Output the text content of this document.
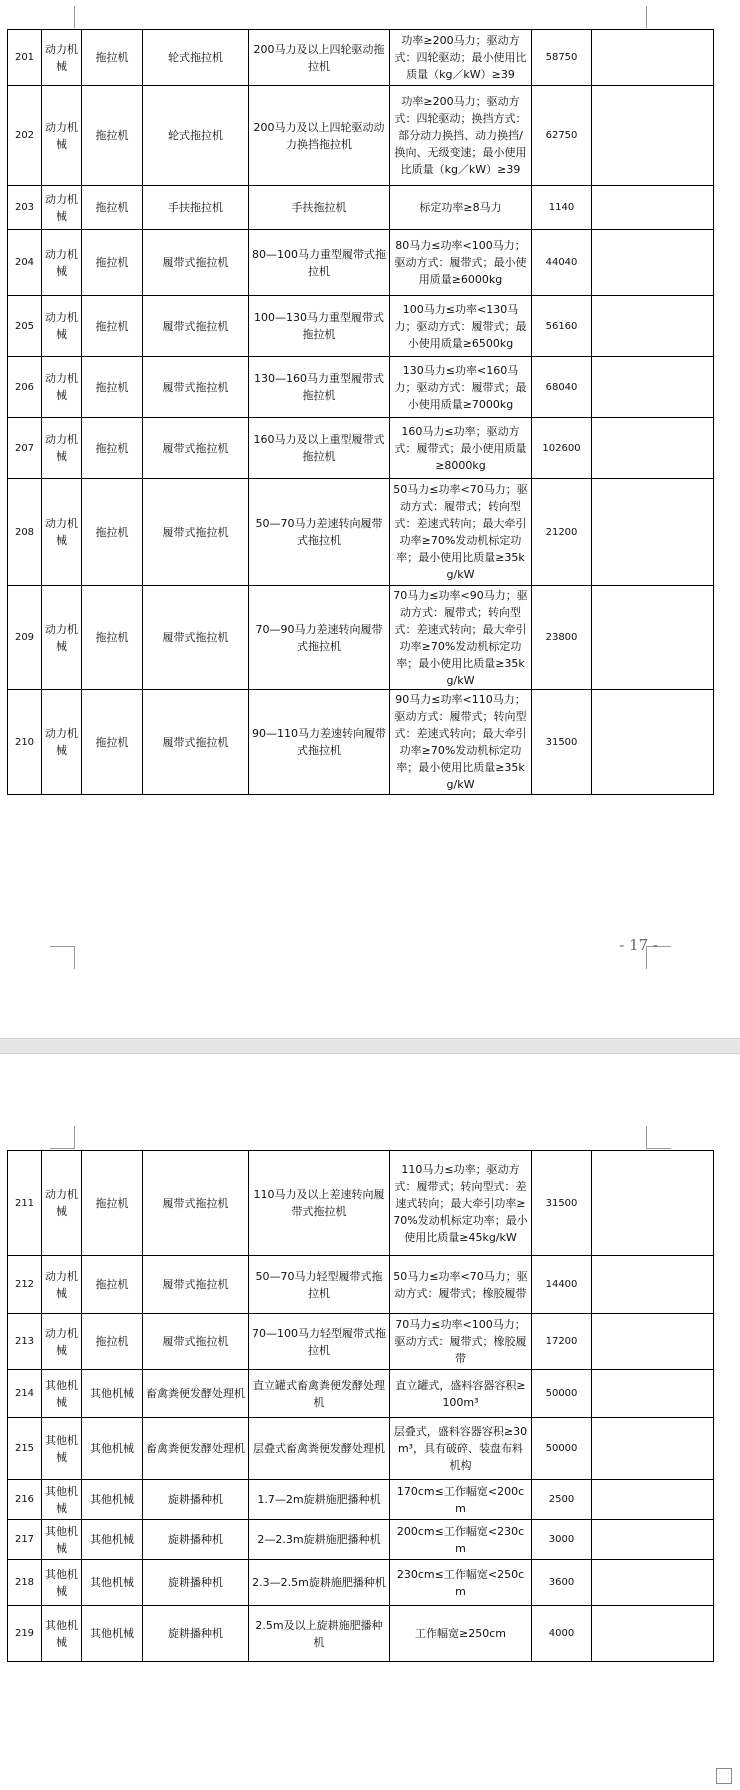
201	动力机械	拖拉机	轮式拖拉机	200马力及以上四轮驱动拖拉机	功率≥200马力；驱动方式：四轮驱动；最小使用比质量（kg／kW）≥39	58750	
202	动力机械	拖拉机	轮式拖拉机	200马力及以上四轮驱动动力换挡拖拉机	功率≥200马力；驱动方式：四轮驱动；换挡方式：部分动力换挡、动力换挡/换向、无级变速；最小使用比质量（kg／kW）≥39	62750	
203	动力机械	拖拉机	手扶拖拉机	手扶拖拉机	标定功率≥8马力	1140	
204	动力机械	拖拉机	履带式拖拉机	80—100马力重型履带式拖拉机	80马力≤功率<100马力；驱动方式：履带式；最小使用质量≥6000kg	44040	
205	动力机械	拖拉机	履带式拖拉机	100—130马力重型履带式拖拉机	100马力≤功率<130马力；驱动方式：履带式；最小使用质量≥6500kg	56160	
206	动力机械	拖拉机	履带式拖拉机	130—160马力重型履带式拖拉机	130马力≤功率<160马力；驱动方式：履带式；最小使用质量≥7000kg	68040	
207	动力机械	拖拉机	履带式拖拉机	160马力及以上重型履带式拖拉机	160马力≤功率；驱动方式：履带式；最小使用质量≥8000kg	102600	
208	动力机械	拖拉机	履带式拖拉机	50—70马力差速转向履带式拖拉机	50马力≤功率<70马力；驱动方式：履带式；转向型式：差速式转向；最大牵引功率≥70%发动机标定功率；最小使用比质量≥35kg/kW	21200	
209	动力机械	拖拉机	履带式拖拉机	70—90马力差速转向履带式拖拉机	70马力≤功率<90马力；驱动方式：履带式；转向型式：差速式转向；最大牵引功率≥70%发动机标定功率；最小使用比质量≥35kg/kW	23800	
210	动力机械	拖拉机	履带式拖拉机	90—110马力差速转向履带式拖拉机	90马力≤功率<110马力；驱动方式：履带式；转向型式：差速式转向；最大牵引功率≥70%发动机标定功率；最小使用比质量≥35kg/kW	31500	
- 17 -
211	动力机械	拖拉机	履带式拖拉机	110马力及以上差速转向履带式拖拉机	110马力≤功率；驱动方式：履带式；转向型式：差速式转向；最大牵引功率≥70%发动机标定功率；最小使用比质量≥45kg/kW	31500	
212	动力机械	拖拉机	履带式拖拉机	50—70马力轻型履带式拖拉机	50马力≤功率<70马力；驱动方式：履带式；橡胶履带	14400	
213	动力机械	拖拉机	履带式拖拉机	70—100马力轻型履带式拖拉机	70马力≤功率<100马力；驱动方式：履带式；橡胶履带	17200	
214	其他机械	其他机械	畜禽粪便发酵处理机	直立罐式畜禽粪便发酵处理机	直立罐式，盛料容器容积≥100m³	50000	
215	其他机械	其他机械	畜禽粪便发酵处理机	层叠式畜禽粪便发酵处理机	层叠式，盛料容器容积≥30m³，具有破碎、装盘布料机构	50000	
216	其他机械	其他机械	旋耕播种机	1.7—2m旋耕施肥播种机	170cm≤工作幅宽<200cm	2500	
217	其他机械	其他机械	旋耕播种机	2—2.3m旋耕施肥播种机	200cm≤工作幅宽<230cm	3000	
218	其他机械	其他机械	旋耕播种机	2.3—2.5m旋耕施肥播种机	230cm≤工作幅宽<250cm	3600	
219	其他机械	其他机械	旋耕播种机	2.5m及以上旋耕施肥播种机	工作幅宽≥250cm	4000	
